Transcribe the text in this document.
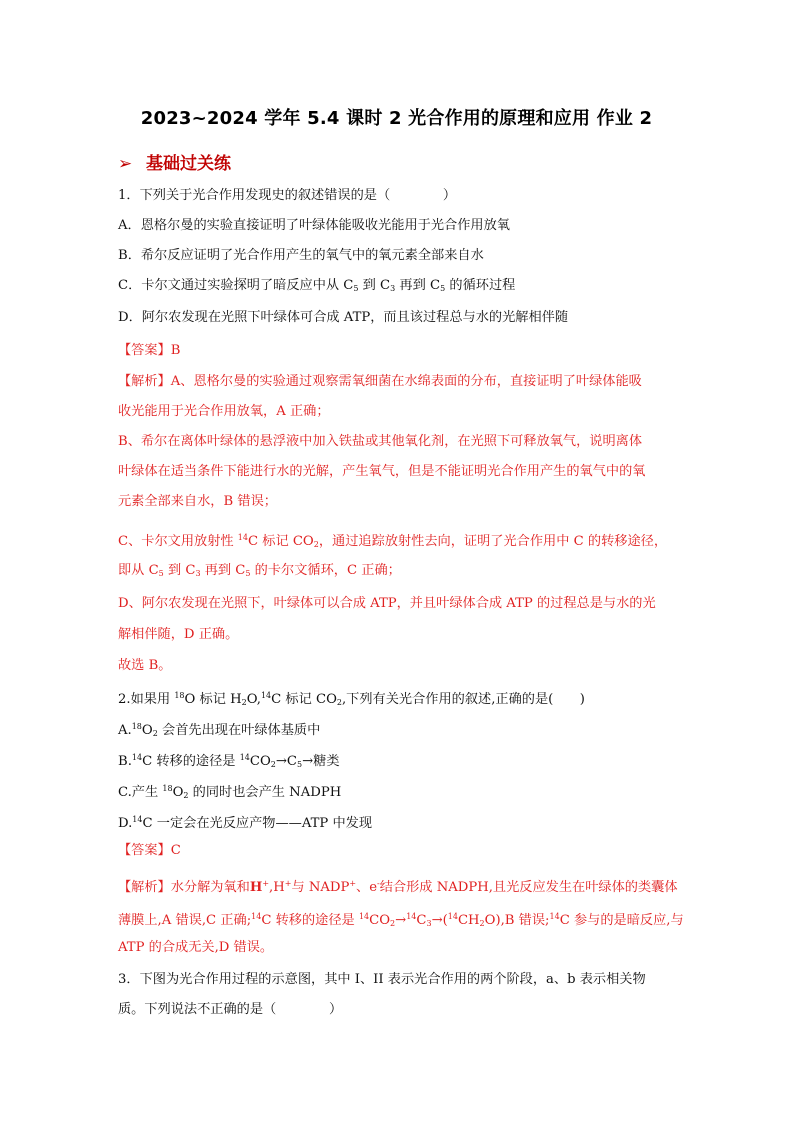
2023~2024 学年 5.4 课时 2 光合作用的原理和应用 作业 2
➢ 基础过关练
1．下列关于光合作用发现史的叙述错误的是（　　　　）
A．恩格尔曼的实验直接证明了叶绿体能吸收光能用于光合作用放氧
B．希尔反应证明了光合作用产生的氧气中的氧元素全部来自水
C．卡尔文通过实验探明了暗反应中从 $C_5$ 到 $C_3$ 再到 $C_5$ 的循环过程
D．阿尔农发现在光照下叶绿体可合成 ATP，而且该过程总与水的光解相伴随
【答案】B
【解析】A、恩格尔曼的实验通过观察需氧细菌在水绵表面的分布，直接证明了叶绿体能吸
收光能用于光合作用放氧，A 正确；
B、希尔在离体叶绿体的悬浮液中加入铁盐或其他氧化剂，在光照下可释放氧气，说明离体
叶绿体在适当条件下能进行水的光解，产生氧气，但是不能证明光合作用产生的氧气中的氧
元素全部来自水，B 错误；
C、卡尔文用放射性 $^{14}$C 标记 $CO_2$，通过追踪放射性去向，证明了光合作用中 C 的转移途径，
即从 $C_5$ 到 $C_3$ 再到 $C_5$ 的卡尔文循环，C 正确；
D、阿尔农发现在光照下，叶绿体可以合成 ATP，并且叶绿体合成 ATP 的过程总是与水的光
解相伴随，D 正确。
故选 B。
2.如果用 $^{18}$O 标记 $H_2O,^{14}C$ 标记 $CO_2$,下列有关光合作用的叙述,正确的是(　　)
$A.^{18}O_2$ 会首先出现在叶绿体基质中
B.$^{14}$C 转移的途径是 $^{14}CO_2\to C_5\to$糖类
C.产生 $^{18}O_2$ 的同时也会产生 NADPH
D.$^{14}$C 一定会在光反应产物——ATP 中发现
【答案】C
【解析】水分解为氧和H+,H+与 NADP+、e-结合形成 NADPH,且光反应发生在叶绿体的类囊体
薄膜上,A 错误,C 正确;$^{14}$C 转移的途径是 $^{14}CO_2\to^{14}C_3\to(^{14}CH_2O),B$ 错误;$^{14}$C 参与的是暗反应,与
ATP 的合成无关,D 错误。
3．下图为光合作用过程的示意图，其中 I、II 表示光合作用的两个阶段，a、b 表示相关物
质。下列说法不正确的是（　　　　）
